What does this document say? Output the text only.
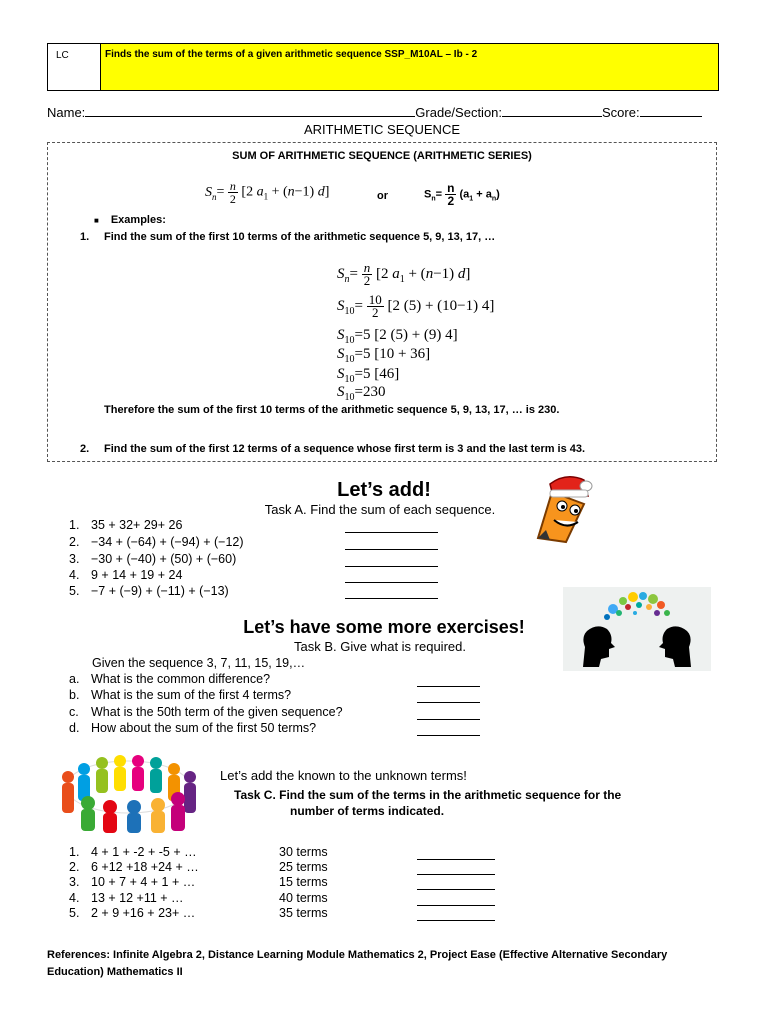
LC	Finds the sum of the terms of a given arithmetic sequence SSP_M10AL – Ib - 2
Name:	Grade/Section:	Score:
ARITHMETIC SEQUENCE
SUM OF ARITHMETIC SEQUENCE (ARITHMETIC SERIES)
$S_n= \frac{n}{2} [2$ $a_1 + (n-1)$ d]	or	$S_n= \frac{n}{2} (a_1 + a_n)$
■ Examples:
1. Find the sum of the first 10 terms of the arithmetic sequence 5, 9, 13, 17, …
$S_n= \frac{n}{2} [2$ $a_1 + (n-1)$ d]
$S_{10}= \frac{10}{2} [2$ (5) + (10−1) 4]
$S_{10}=5$ [2 (5) + (9) 4]
$S_{10}=5$ [10 + 36]
$S_{10}=5$ [46]
$S_{10}=230$
Therefore the sum of the first 10 terms of the arithmetic sequence 5, 9, 13, 17, … is 230.
2. Find the sum of the first 12 terms of a sequence whose first term is 3 and the last term is 43.
Let’s add!
Task A. Find the sum of each sequence.
Let’s have some more exercises!
Task B. Give what is required.
Given the sequence 3, 7, 11, 15, 19,…
Let’s add the known to the unknown terms!
Task C. Find the sum of the terms in the arithmetic sequence for the
number of terms indicated.
References: Infinite Algebra 2, Distance Learning Module Mathematics 2, Project Ease (Effective Alternative Secondary Education) Mathematics II
1. 35 + 32+ 29+ 26
2. −34 + (−64) + (−94) + (−12)
3. −30 + (−40) + (50) + (−60)
4. 9 + 14 + 19 + 24
5. −7 + (−9) + (−11) + (−13)
a. What is the common difference?
b. What is the sum of the first 4 terms?
c. What is the 50th term of the given sequence?
d. How about the sum of the first 50 terms?
1. 4 + 1 + -2 + -5 + …	30 terms
2. 6 +12 +18 +24 + …	25 terms
3. 10 + 7 + 4 + 1 + …	15 terms
4. 13 + 12 +11 + …	40 terms
5. 2 + 9 +16 + 23+ …	35 terms
